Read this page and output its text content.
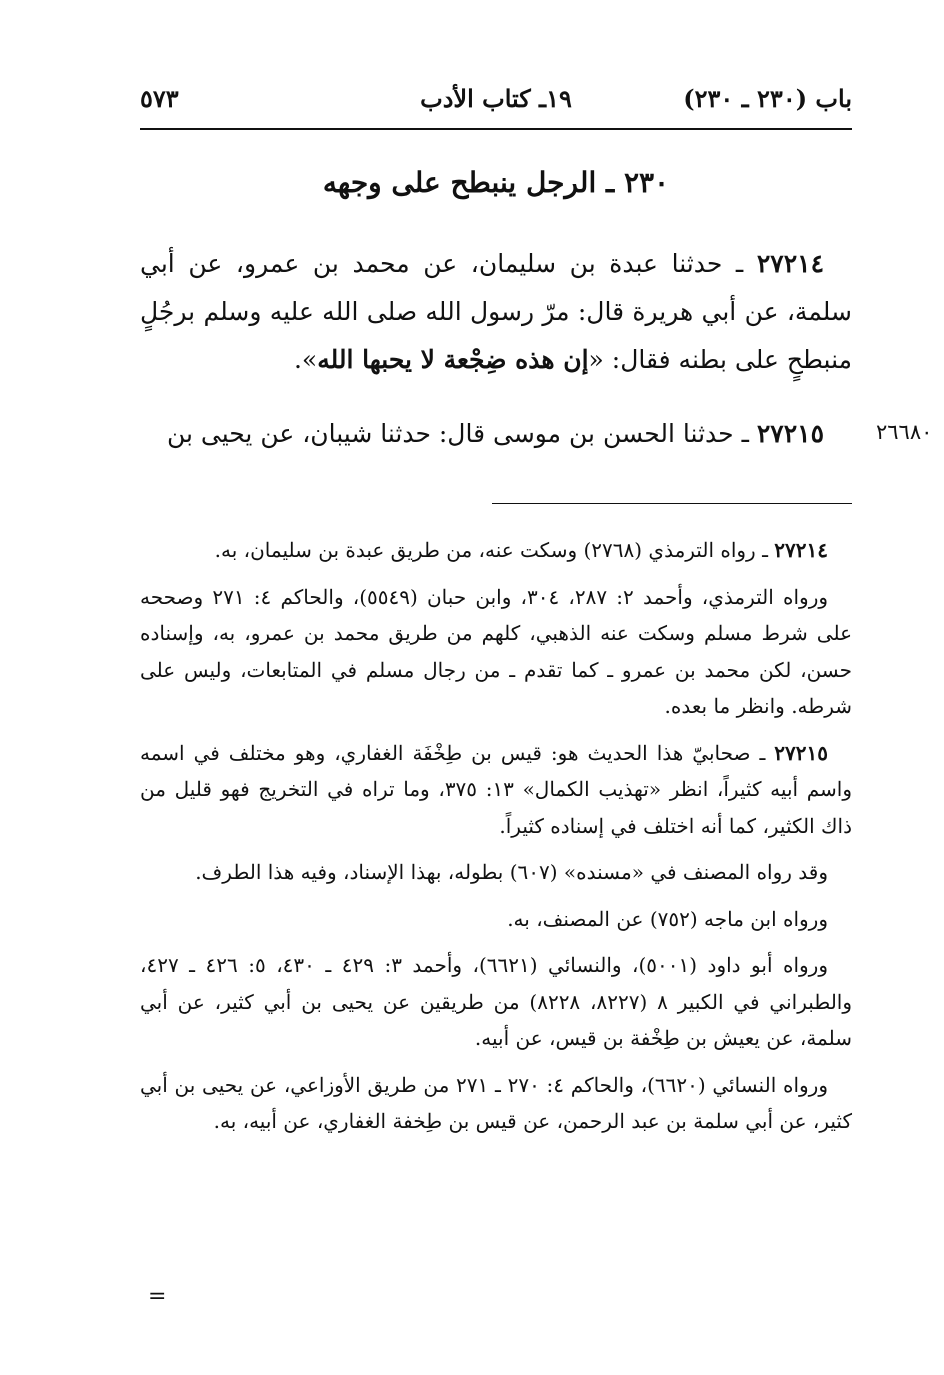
باب (٢٣٠ ـ ٢٣٠)
١٩ـ كتاب الأدب
٥٧٣
٢٣٠ ـ الرجل ينبطح على وجهه

٢٧٢١٤ ـ حدثنا عبدة بن سليمان، عن محمد بن عمرو، عن أبي سلمة، عن أبي هريرة قال: مرّ رسول الله صلى الله عليه وسلم برجُلٍ منبطحٍ على بطنه فقال: «إن هذه ضِجْعة لا يحبها الله».

٢٧٢١٥ ـ حدثنا الحسن بن موسى قال: حدثنا شيبان، عن يحيى بن	٢٦٦٨٠

٢٧٢١٤ ـ رواه الترمذي (٢٧٦٨) وسكت عنه، من طريق عبدة بن سليمان، به.

ورواه الترمذي، وأحمد ٢: ٢٨٧، ٣٠٤، وابن حبان (٥٥٤٩)، والحاكم ٤: ٢٧١ وصححه على شرط مسلم وسكت عنه الذهبي، كلهم من طريق محمد بن عمرو، به، وإسناده حسن، لكن محمد بن عمرو ـ كما تقدم ـ من رجال مسلم في المتابعات، وليس على شرطه. وانظر ما بعده.

٢٧٢١٥ ـ صحابيّ هذا الحديث هو: قيس بن طِخْفَة الغفاري، وهو مختلف في اسمه واسم أبيه كثيراً، انظر «تهذيب الكمال» ١٣: ٣٧٥، وما تراه في التخريج فهو قليل من ذاك الكثير، كما أنه اختلف في إسناده كثيراً.

وقد رواه المصنف في «مسنده» (٦٠٧) بطوله، بهذا الإسناد، وفيه هذا الطرف.

ورواه ابن ماجه (٧٥٢) عن المصنف، به.

ورواه أبو داود (٥٠٠١)، والنسائي (٦٦٢١)، وأحمد ٣: ٤٢٩ ـ ٤٣٠، ٥: ٤٢٦ ـ ٤٢٧، والطبراني في الكبير ٨ (٨٢٢٧، ٨٢٢٨) من طريقين عن يحيى بن أبي كثير، عن أبي سلمة، عن يعيش بن طِخْفة بن قيس، عن أبيه.

ورواه النسائي (٦٦٢٠)، والحاكم ٤: ٢٧٠ ـ ٢٧١ من طريق الأوزاعي، عن يحيى بن أبي كثير، عن أبي سلمة بن عبد الرحمن، عن قيس بن طِخفة الغفاري، عن أبيه، به.

=
